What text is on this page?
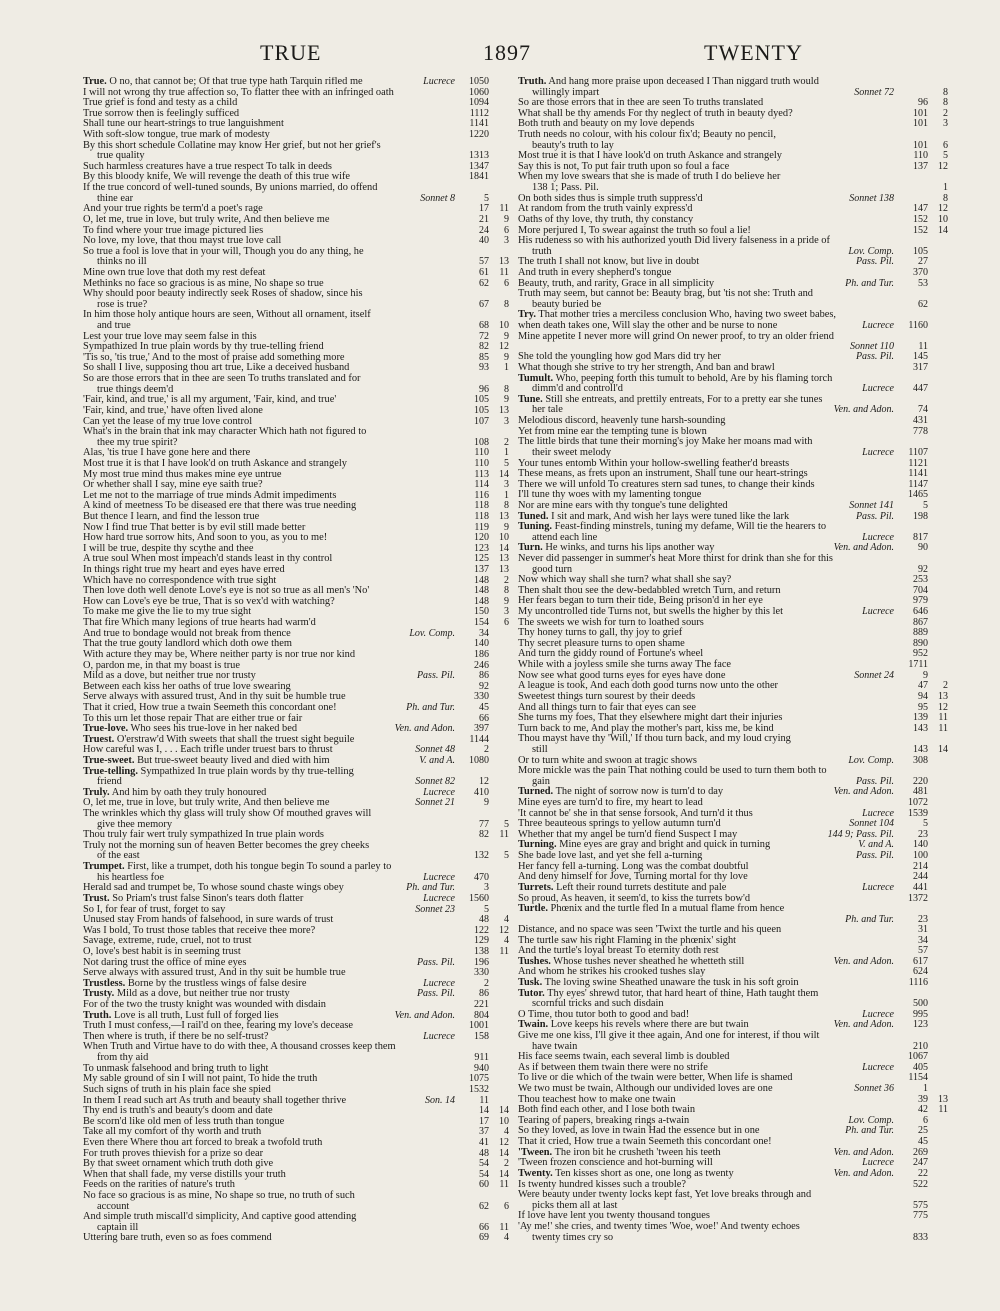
TRUE	1897	TWENTY
True. O no, that cannot be; Of that true type hath Tarquin rifled me	Lucrece	1050
I will not wrong thy true affection so, To flatter thee with an infringed oath	1060
True grief is fond and testy as a child	1094
True sorrow then is feelingly sufficed	1112
Shall tune our heart-strings to true languishment	1141
With soft-slow tongue, true mark of modesty	1220
By this short schedule Collatine may know Her grief, but not her grief's
true quality	1313
Such harmless creatures have a true respect To talk in deeds	1347
By this bloody knife, We will revenge the death of this true wife	1841
If the true concord of well-tuned sounds, By unions married, do offend
thine ear	Sonnet 8	5
And your true rights be term'd a poet's rage	17	11
O, let me, true in love, but truly write, And then believe me	21	9
To find where your true image pictured lies	24	6
No love, my love, that thou mayst true love call	40	3
So true a fool is love that in your will, Though you do any thing, he
thinks no ill	57	13
Mine own true love that doth my rest defeat	61	11
Methinks no face so gracious is as mine, No shape so true	62	6
Why should poor beauty indirectly seek Roses of shadow, since his
rose is true?	67	8
In him those holy antique hours are seen, Without all ornament, itself
and true	68	10
Lest your true love may seem false in this	72	9
Sympathized In true plain words by thy true-telling friend	82	12
'Tis so, 'tis true,' And to the most of praise add something more	85	9
So shall I live, supposing thou art true, Like a deceived husband	93	1
So are those errors that in thee are seen To truths translated and for
true things deem'd	96	8
'Fair, kind, and true,' is all my argument, 'Fair, kind, and true'	105	9
'Fair, kind, and true,' have often lived alone	105	13
Can yet the lease of my true love control	107	3
What's in the brain that ink may character Which hath not figured to
thee my true spirit?	108	2
Alas, 'tis true I have gone here and there	110	1
Most true it is that I have look'd on truth Askance and strangely	110	5
My most true mind thus makes mine eye untrue	113	14
Or whether shall I say, mine eye saith true?	114	3
Let me not to the marriage of true minds Admit impediments	116	1
A kind of meetness To be diseased ere that there was true needing	118	8
But thence I learn, and find the lesson true	118	13
Now I find true That better is by evil still made better	119	9
How hard true sorrow hits, And soon to you, as you to me!	120	10
I will be true, despite thy scythe and thee	123	14
A true soul When most impeach'd stands least in thy control	125	13
In things right true my heart and eyes have erred	137	13
Which have no correspondence with true sight	148	2
Then love doth well denote Love's eye is not so true as all men's 'No'	148	8
How can Love's eye be true, That is so vex'd with watching?	148	9
To make me give the lie to my true sight	150	3
That fire Which many legions of true hearts had warm'd	154	6
And true to bondage would not break from thence	Lov. Comp.	34
That the true gouty landlord which doth owe them	140
With acture they may be, Where neither party is nor true nor kind	186
O, pardon me, in that my boast is true	246
Mild as a dove, but neither true nor trusty	Pass. Pil.	86
Between each kiss her oaths of true love swearing	92
Serve always with assured trust, And in thy suit be humble true	330
That it cried, How true a twain Seemeth this concordant one!	Ph. and Tur.	45
To this urn let those repair That are either true or fair	66
True-love. Who sees his true-love in her naked bed	Ven. and Adon.	397
Truest. O'erstraw'd With sweets that shall the truest sight beguile	1144
How careful was I, . . . Each trifle under truest bars to thrust	Sonnet 48	2
True-sweet. But true-sweet beauty lived and died with him	V. and A.	1080
True-telling. Sympathized In true plain words by thy true-telling
friend	Sonnet 82	12
Truly. And him by oath they truly honoured	Lucrece	410
O, let me, true in love, but truly write, And then believe me	Sonnet 21	9
The wrinkles which thy glass will truly show Of mouthed graves will
give thee memory	77	5
Thou truly fair wert truly sympathized In true plain words	82	11
Truly not the morning sun of heaven Better becomes the grey cheeks
of the east	132	5
Trumpet. First, like a trumpet, doth his tongue begin To sound a parley to
his heartless foe	Lucrece	470
Herald sad and trumpet be, To whose sound chaste wings obey	Ph. and Tur.	3
Trust. So Priam's trust false Sinon's tears doth flatter	Lucrece	1560
So I, for fear of trust, forget to say	Sonnet 23	5
Unused stay From hands of falsehood, in sure wards of trust	48	4
Was I bold, To trust those tables that receive thee more?	122	12
Savage, extreme, rude, cruel, not to trust	129	4
O, love's best habit is in seeming trust	138	11
Not daring trust the office of mine eyes	Pass. Pil.	196
Serve always with assured trust, And in thy suit be humble true	330
Trustless. Borne by the trustless wings of false desire	Lucrece	2
Trusty. Mild as a dove, but neither true nor trusty	Pass. Pil.	86
For of the two the trusty knight was wounded with disdain	221
Truth. Love is all truth, Lust full of forged lies	Ven. and Adon.	804
Truth I must confess,—I rail'd on thee, fearing my love's decease	1001
Then where is truth, if there be no self-trust?	Lucrece	158
When Truth and Virtue have to do with thee, A thousand crosses keep them
from thy aid	911
To unmask falsehood and bring truth to light	940
My sable ground of sin I will not paint, To hide the truth	1075
Such signs of truth in his plain face she spied	1532
In them I read such art As truth and beauty shall together thrive	Son. 14	11
Thy end is truth's and beauty's doom and date	14	14
Be scorn'd like old men of less truth than tongue	17	10
Take all my comfort of thy worth and truth	37	4
Even there Where thou art forced to break a twofold truth	41	12
For truth proves thievish for a prize so dear	48	14
By that sweet ornament which truth doth give	54	2
When that shall fade, my verse distills your truth	54	14
Feeds on the rarities of nature's truth	60	11
No face so gracious is as mine, No shape so true, no truth of such
account	62	6
And simple truth miscall'd simplicity, And captive good attending
captain ill	66	11
Uttering bare truth, even so as foes commend	69	4
Truth. And hang more praise upon deceased I Than niggard truth would
willingly impart	Sonnet 72	8
So are those errors that in thee are seen To truths translated	96	8
What shall be thy amends For thy neglect of truth in beauty dyed?	101	2
Both truth and beauty on my love depends	101	3
Truth needs no colour, with his colour fix'd; Beauty no pencil,
beauty's truth to lay	101	6
Most true it is that I have look'd on truth Askance and strangely	110	5
Say this is not, To put fair truth upon so foul a face	137	12
When my love swears that she is made of truth I do believe her
138 1; Pass. Pil.	1
On both sides thus is simple truth suppress'd	Sonnet 138	8
At random from the truth vainly express'd	147	12
Oaths of thy love, thy truth, thy constancy	152	10
More perjured I, To swear against the truth so foul a lie!	152	14
His rudeness so with his authorized youth Did livery falseness in a pride of
truth	Lov. Comp.	105
The truth I shall not know, but live in doubt	Pass. Pil.	27
And truth in every shepherd's tongue	370
Beauty, truth, and rarity, Grace in all simplicity	Ph. and Tur.	53
Truth may seem, but cannot be: Beauty brag, but 'tis not she: Truth and
beauty buried be	62
Try. That mother tries a merciless conclusion Who, having two sweet babes,
when death takes one, Will slay the other and be nurse to none	Lucrece	1160
Mine appetite I never more will grind On newer proof, to try an older friend
Sonnet 110	11
She told the youngling how god Mars did try her	Pass. Pil.	145
What though she strive to try her strength, And ban and brawl	317
Tumult. Who, peeping forth this tumult to behold, Are by his flaming torch
dimm'd and controll'd	Lucrece	447
Tune. Still she entreats, and prettily entreats, For to a pretty ear she tunes
her tale	Ven. and Adon.	74
Melodious discord, heavenly tune harsh-sounding	431
Yet from mine ear the tempting tune is blown	778
The little birds that tune their morning's joy Make her moans mad with
their sweet melody	Lucrece	1107
Your tunes entomb Within your hollow-swelling feather'd breasts	1121
These means, as frets upon an instrument, Shall tune our heart-strings	1141
There we will unfold To creatures stern sad tunes, to change their kinds	1147
I'll tune thy woes with my lamenting tongue	1465
Nor are mine ears with thy tongue's tune delighted	Sonnet 141	5
Tuned. I sit and mark, And wish her lays were tuned like the lark	Pass. Pil.	198
Tuning. Feast-finding minstrels, tuning my defame, Will tie the hearers to
attend each line	Lucrece	817
Turn. He winks, and turns his lips another way	Ven. and Adon.	90
Never did passenger in summer's heat More thirst for drink than she for this
good turn	92
Now which way shall she turn? what shall she say?	253
Then shalt thou see the dew-bedabbled wretch Turn, and return	704
Her fears began to turn their tide, Being prison'd in her eye	979
My uncontrolled tide Turns not, but swells the higher by this let	Lucrece	646
The sweets we wish for turn to loathed sours	867
Thy honey turns to gall, thy joy to grief	889
Thy secret pleasure turns to open shame	890
And turn the giddy round of Fortune's wheel	952
While with a joyless smile she turns away The face	1711
Now see what good turns eyes for eyes have done	Sonnet 24	9
A league is took, And each doth good turns now unto the other	47	2
Sweetest things turn sourest by their deeds	94	13
And all things turn to fair that eyes can see	95	12
She turns my foes, That they elsewhere might dart their injuries	139	11
Turn back to me, And play the mother's part, kiss me, be kind	143	11
Thou mayst have thy 'Will,' If thou turn back, and my loud crying
still	143	14
Or to turn white and swoon at tragic shows	Lov. Comp.	308
More mickle was the pain That nothing could be used to turn them both to
gain	Pass. Pil.	220
Turned. The night of sorrow now is turn'd to day	Ven. and Adon.	481
Mine eyes are turn'd to fire, my heart to lead	1072
'It cannot be' she in that sense forsook, And turn'd it thus	Lucrece	1539
Three beauteous springs to yellow autumn turn'd	Sonnet 104	5
Whether that my angel be turn'd fiend Suspect I may	144 9; Pass. Pil.	23
Turning. Mine eyes are gray and bright and quick in turning	V. and A.	140
She bade love last, and yet she fell a-turning	Pass. Pil.	100
Her fancy fell a-turning. Long was the combat doubtful	214
And deny himself for Jove, Turning mortal for thy love	244
Turrets. Left their round turrets destitute and pale	Lucrece	441
So proud, As heaven, it seem'd, to kiss the turrets bow'd	1372
Turtle. Phœnix and the turtle fled In a mutual flame from hence
Ph. and Tur.	23
Distance, and no space was seen 'Twixt the turtle and his queen	31
The turtle saw his right Flaming in the phœnix' sight	34
And the turtle's loyal breast To eternity doth rest	57
Tushes. Whose tushes never sheathed he whetteth still	Ven. and Adon.	617
And whom he strikes his crooked tushes slay	624
Tusk. The loving swine Sheathed unaware the tusk in his soft groin	1116
Tutor. Thy eyes' shrewd tutor, that hard heart of thine, Hath taught them
scornful tricks and such disdain	500
O Time, thou tutor both to good and bad!	Lucrece	995
Twain. Love keeps his revels where there are but twain	Ven. and Adon.	123
Give me one kiss, I'll give it thee again, And one for interest, if thou wilt
have twain	210
His face seems twain, each several limb is doubled	1067
As if between them twain there were no strife	Lucrece	405
To live or die which of the twain were better, When life is shamed	1154
We two must be twain, Although our undivided loves are one	Sonnet 36	1
Thou teachest how to make one twain	39	13
Both find each other, and I lose both twain	42	11
Tearing of papers, breaking rings a-twain	Lov. Comp.	6
So they loved, as love in twain Had the essence but in one	Ph. and Tur.	25
That it cried, How true a twain Seemeth this concordant one!	45
'Tween. The iron bit he crusheth 'tween his teeth	Ven. and Adon.	269
'Tween frozen conscience and hot-burning will	Lucrece	247
Twenty. Ten kisses short as one, one long as twenty	Ven. and Adon.	22
Is twenty hundred kisses such a trouble?	522
Were beauty under twenty locks kept fast, Yet love breaks through and
picks them all at last	575
If love have lent you twenty thousand tongues	775
'Ay me!' she cries, and twenty times 'Woe, woe!' And twenty echoes
twenty times cry so	833
